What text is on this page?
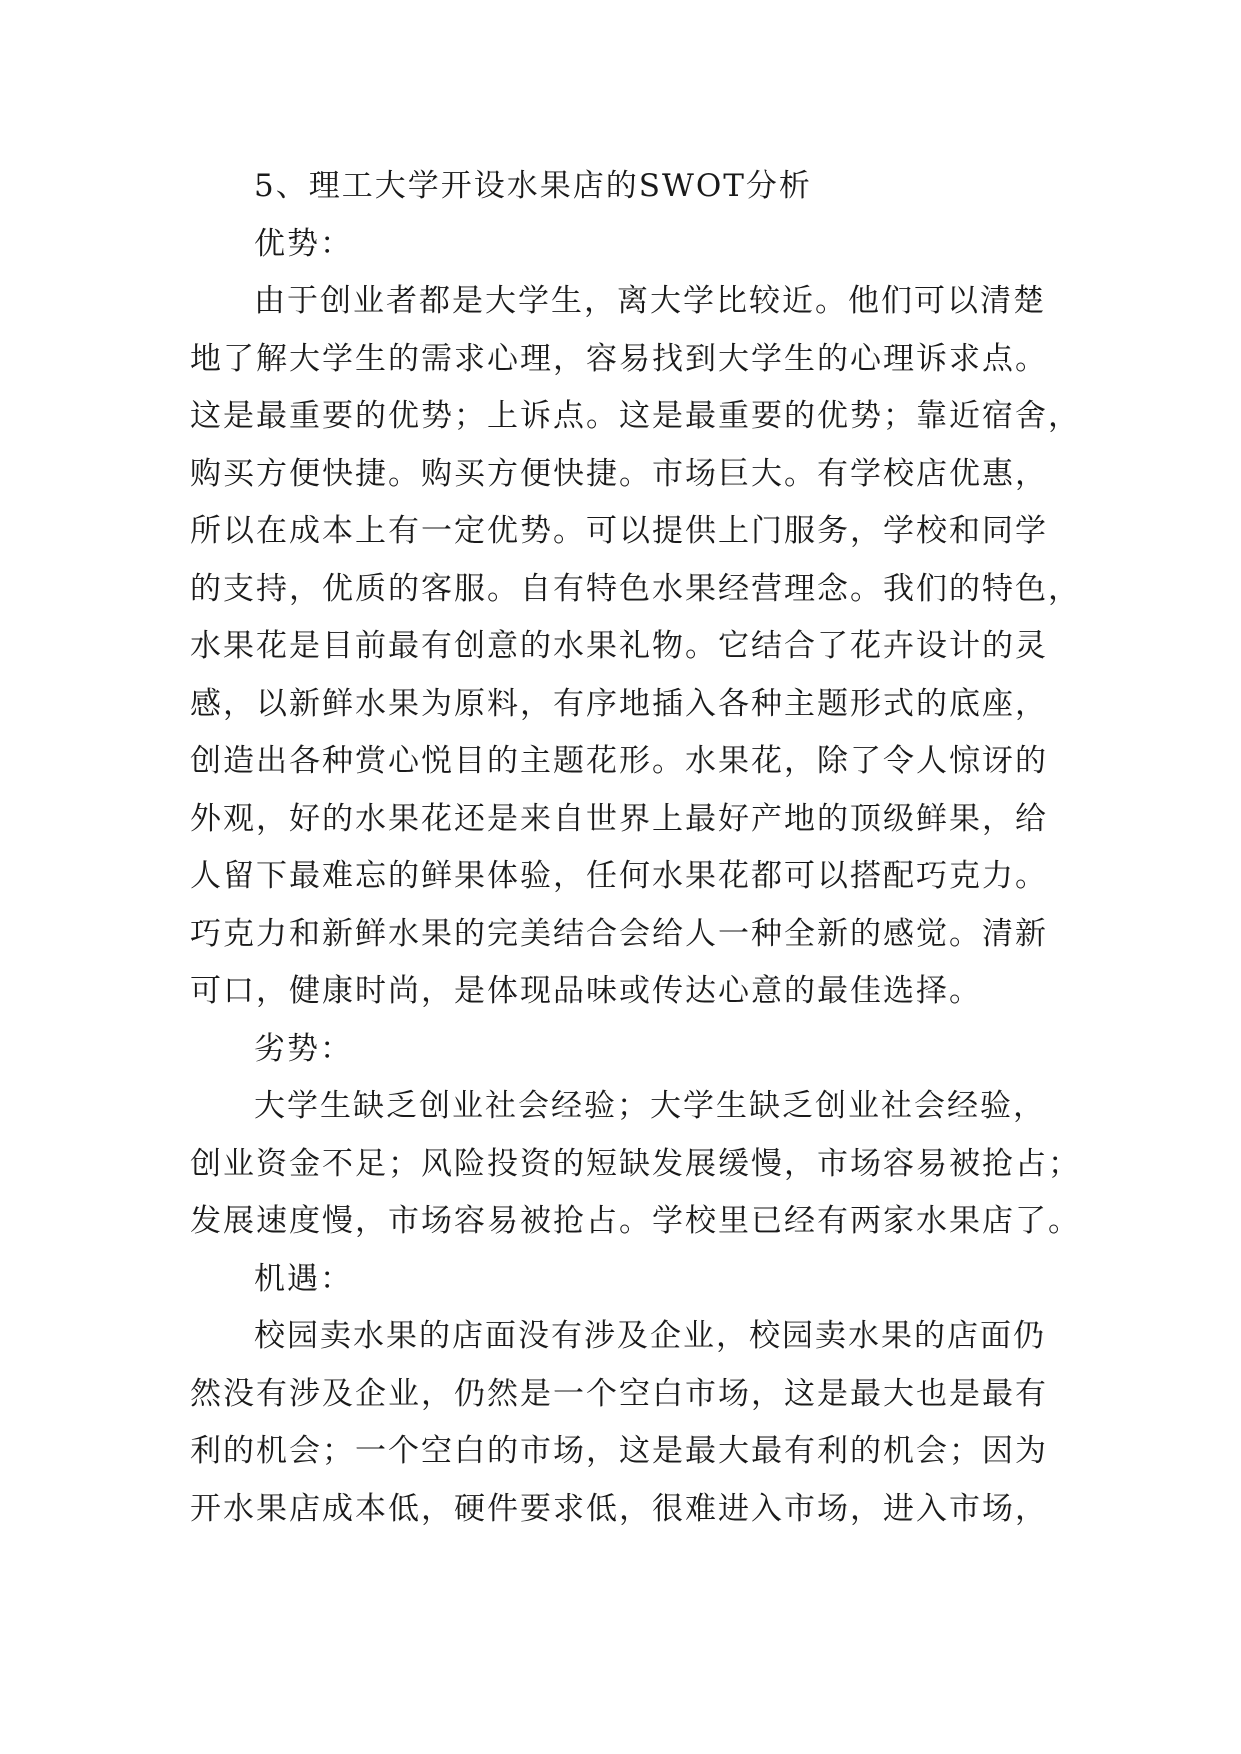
5、理工大学开设水果店的SWOT分析
优势：
由于创业者都是大学生，离大学比较近。他们可以清楚
地了解大学生的需求心理，容易找到大学生的心理诉求点。
这是最重要的优势；上诉点。这是最重要的优势；靠近宿舍，
购买方便快捷。购买方便快捷。市场巨大。有学校店优惠，
所以在成本上有一定优势。可以提供上门服务，学校和同学
的支持，优质的客服。自有特色水果经营理念。我们的特色，
水果花是目前最有创意的水果礼物。它结合了花卉设计的灵
感，以新鲜水果为原料，有序地插入各种主题形式的底座，
创造出各种赏心悦目的主题花形。水果花，除了令人惊讶的
外观，好的水果花还是来自世界上最好产地的顶级鲜果，给
人留下最难忘的鲜果体验，任何水果花都可以搭配巧克力。
巧克力和新鲜水果的完美结合会给人一种全新的感觉。清新
可口，健康时尚，是体现品味或传达心意的最佳选择。
劣势：
大学生缺乏创业社会经验；大学生缺乏创业社会经验，
创业资金不足；风险投资的短缺发展缓慢，市场容易被抢占；
发展速度慢，市场容易被抢占。学校里已经有两家水果店了。
机遇：
校园卖水果的店面没有涉及企业，校园卖水果的店面仍
然没有涉及企业，仍然是一个空白市场，这是最大也是最有
利的机会；一个空白的市场，这是最大最有利的机会；因为
开水果店成本低，硬件要求低，很难进入市场，进入市场，
